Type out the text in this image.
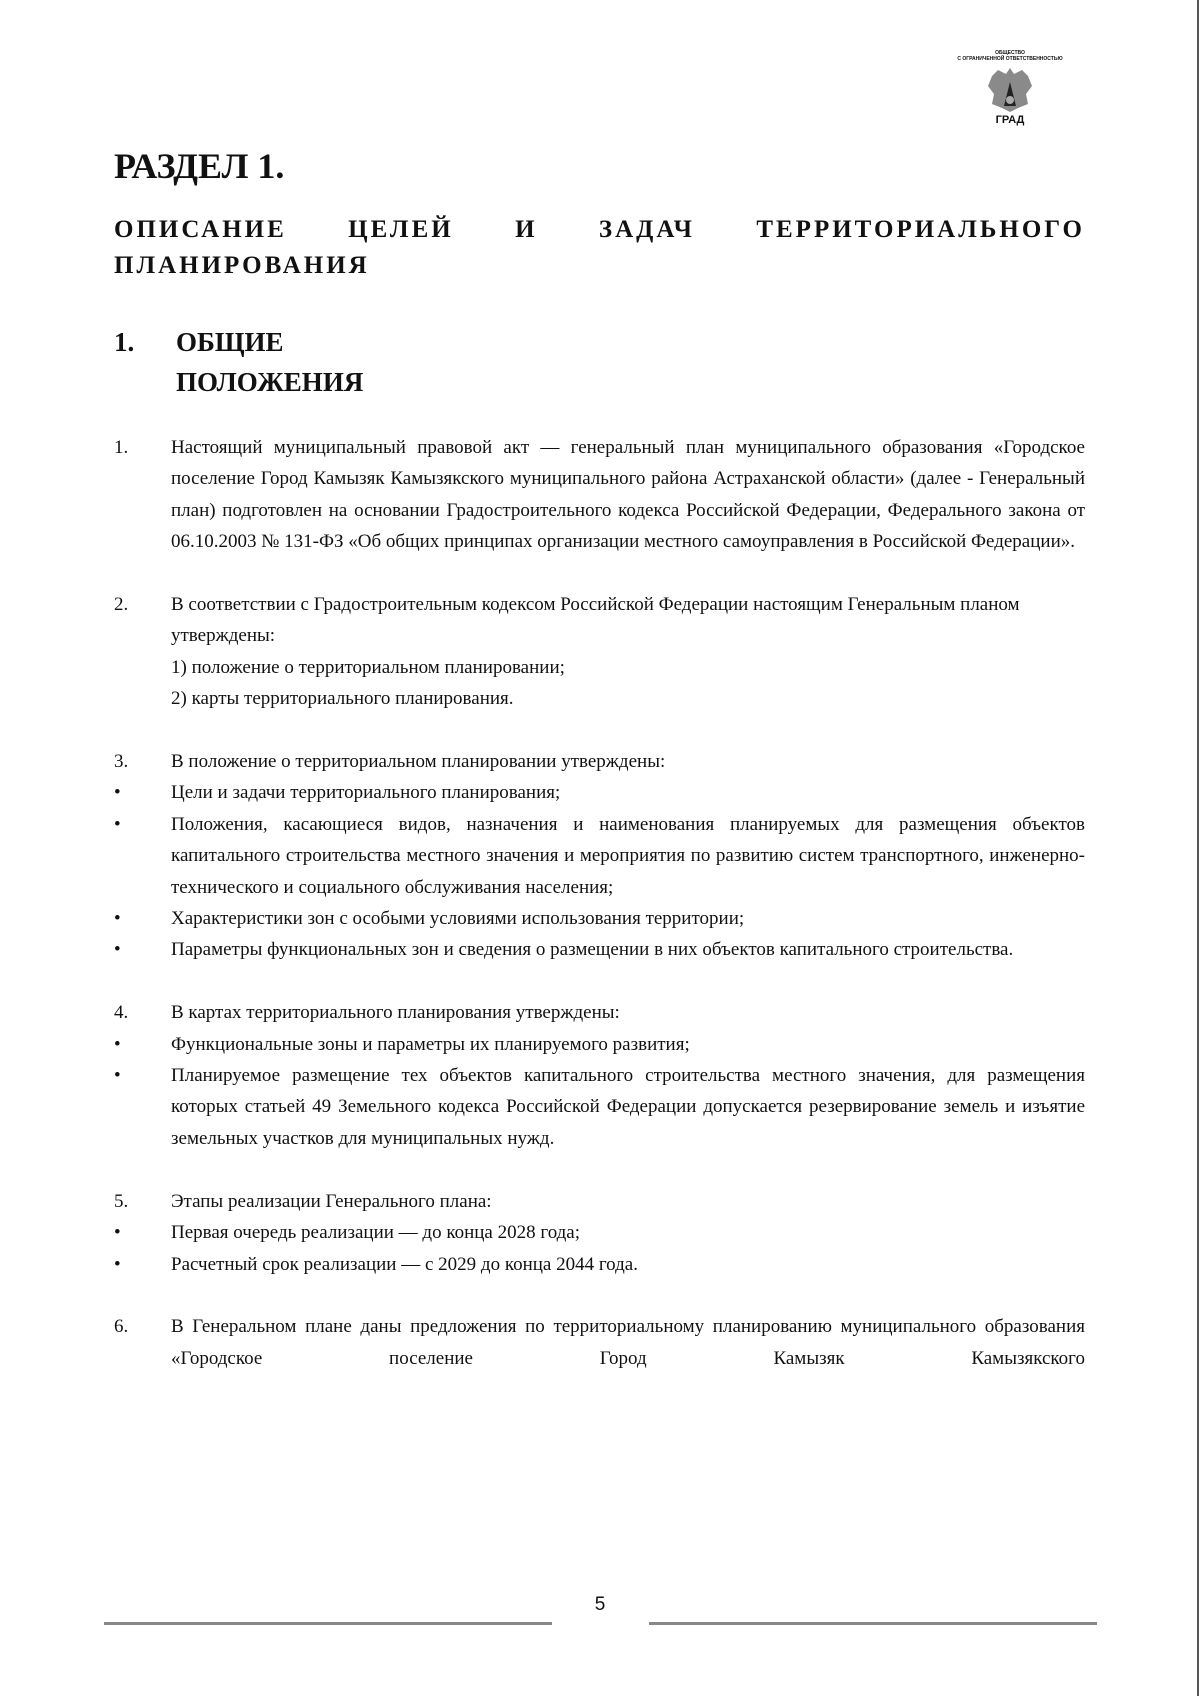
ОБЩЕСТВО
С ОГРАНИЧЕННОЙ ОТВЕТСТВЕННОСТЬЮ
ГРАД
РАЗДЕЛ 1.
ОПИСАНИЕ ЦЕЛЕЙ И ЗАДАЧ ТЕРРИТОРИАЛЬНОГО ПЛАНИРОВАНИЯ
1. ОБЩИЕ
ПОЛОЖЕНИЯ
1. Настоящий муниципальный правовой акт — генеральный план муниципального образования «Городское поселение Город Камызяк Камызякского муниципального района Астраханской области» (далее - Генеральный план) подготовлен на основании Градостроительного кодекса Российской Федерации, Федерального закона от 06.10.2003 № 131-ФЗ «Об общих принципах организации местного самоуправления в Российской Федерации».
2. В соответствии с Градостроительным кодексом Российской Федерации настоящим Генеральным планом утверждены:
1) положение о территориальном планировании;
2) карты территориального планирования.
3. В положение о территориальном планировании утверждены:
•	Цели и задачи территориального планирования;
•	Положения, касающиеся видов, назначения и наименования планируемых для размещения объектов капитального строительства местного значения и мероприятия по развитию систем транспортного, инженерно-технического и социального обслуживания населения;
•	Характеристики зон с особыми условиями использования территории;
•	Параметры функциональных зон и сведения о размещении в них объектов капитального строительства.
4. В картах территориального планирования утверждены:
•	Функциональные зоны и параметры их планируемого развития;
•	Планируемое размещение тех объектов капитального строительства местного значения, для размещения которых статьей 49 Земельного кодекса Российской Федерации допускается резервирование земель и изъятие земельных участков для муниципальных нужд.
5. Этапы реализации Генерального плана:
•	Первая очередь реализации — до конца 2028 года;
•	Расчетный срок реализации — с 2029 до конца 2044 года.
6. В Генеральном плане даны предложения по территориальному планированию муниципального образования «Городское поселение Город Камызяк Камызякского
5
